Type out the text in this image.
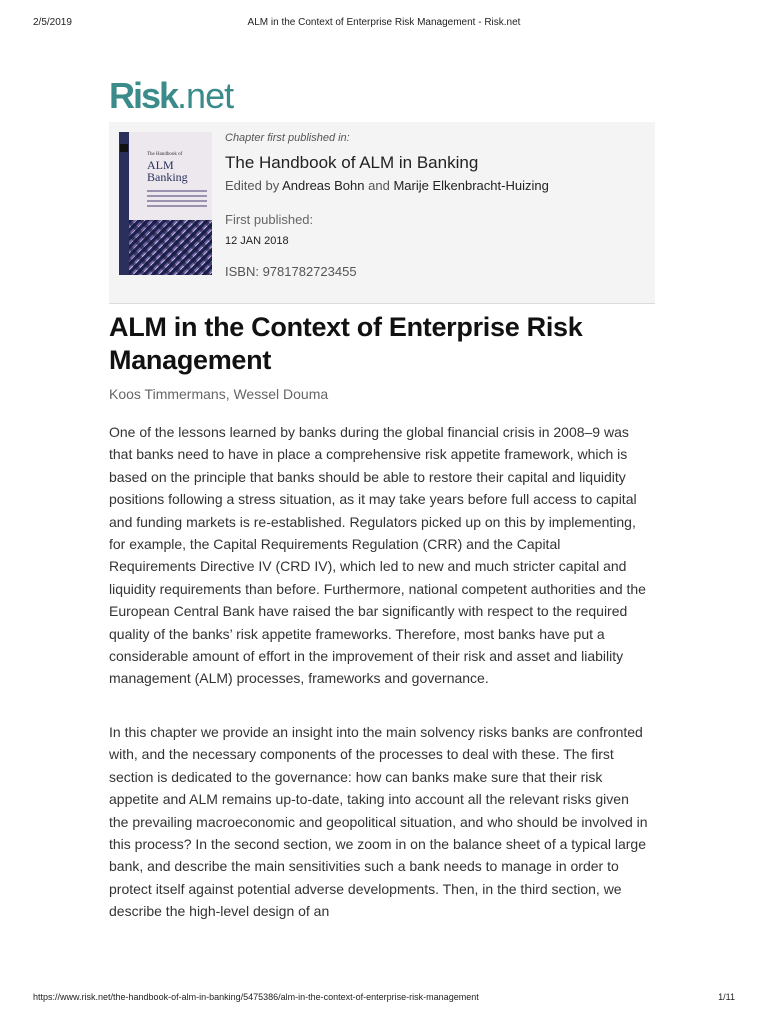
2/5/2019	ALM in the Context of Enterprise Risk Management - Risk.net
Risk.net
The Handbook of
ALM
Banking
Chapter first published in:
The Handbook of ALM in Banking
Edited by Andreas Bohn and Marije Elkenbracht-Huizing
First published:
12 JAN 2018
ISBN: 9781782723455
ALM in the Context of Enterprise Risk Management
Koos Timmermans, Wessel Douma

One of the lessons learned by banks during the global financial crisis in 2008–9 was that banks need to have in place a comprehensive risk appetite framework, which is based on the principle that banks should be able to restore their capital and liquidity positions following a stress situation, as it may take years before full access to capital and funding markets is re-established. Regulators picked up on this by implementing, for example, the Capital Requirements Regulation (CRR) and the Capital Requirements Directive IV (CRD IV), which led to new and much stricter capital and liquidity requirements than before. Furthermore, national competent authorities and the European Central Bank have raised the bar significantly with respect to the required quality of the banks’ risk appetite frameworks. Therefore, most banks have put a considerable amount of effort in the improvement of their risk and asset and liability management (ALM) processes, frameworks and governance.

In this chapter we provide an insight into the main solvency risks banks are confronted with, and the necessary components of the processes to deal with these. The first section is dedicated to the governance: how can banks make sure that their risk appetite and ALM remains up-to-date, taking into account all the relevant risks given the prevailing macroeconomic and geopolitical situation, and who should be involved in this process? In the second section, we zoom in on the balance sheet of a typical large bank, and describe the main sensitivities such a bank needs to manage in order to protect itself against potential adverse developments. Then, in the third section, we describe the high-level design of an

https://www.risk.net/the-handbook-of-alm-in-banking/5475386/alm-in-the-context-of-enterprise-risk-management	1/11
